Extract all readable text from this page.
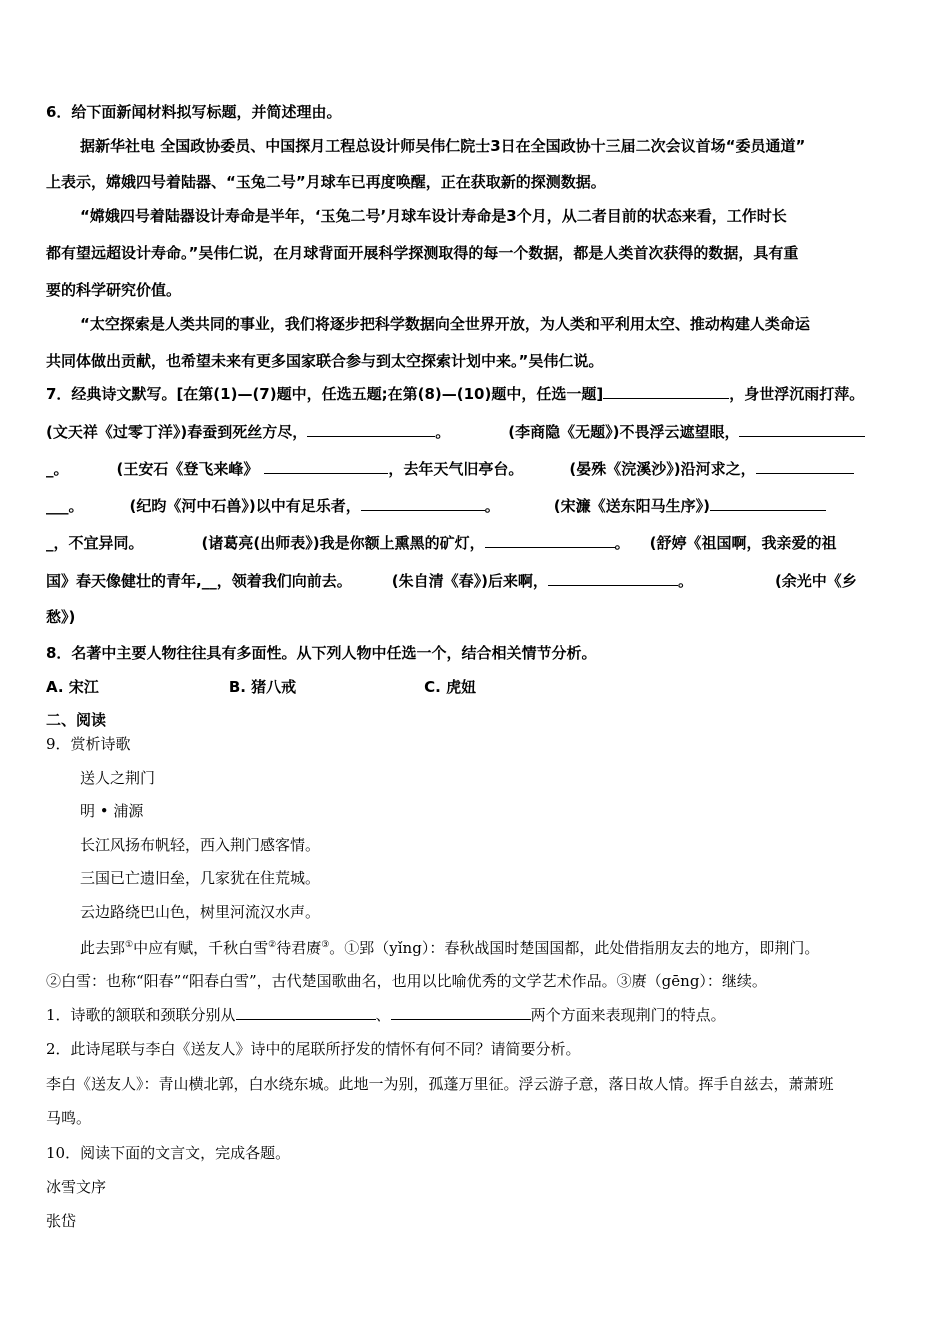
6．给下面新闻材料拟写标题，并简述理由。
据新华社电 全国政协委员、中国探月工程总设计师吴伟仁院士3日在全国政协十三届二次会议首场“委员通道”
上表示，嫦娥四号着陆器、“玉兔二号”月球车已再度唤醒，正在获取新的探测数据。
“嫦娥四号着陆器设计寿命是半年，‘玉兔二号’月球车设计寿命是3个月，从二者目前的状态来看，工作时长
都有望远超设计寿命。”吴伟仁说，在月球背面开展科学探测取得的每一个数据，都是人类首次获得的数据，具有重
要的科学研究价值。
“太空探索是人类共同的事业，我们将逐步把科学数据向全世界开放，为人类和平利用太空、推动构建人类命运
共同体做出贡献，也希望未来有更多国家联合参与到太空探索计划中来。”吴伟仁说。
7．经典诗文默写。[在第(1)—(7)题中，任选五题;在第(8)—(10)题中，任选一题]	，身世浮沉雨打萍。
(文天祥《过零丁洋》)春蚕到死丝方尽，	。	(李商隐《无题》)不畏浮云遮望眼，
_。	(王安石《登飞来峰》	，去年天气旧亭台。	(晏殊《浣溪沙》)沿河求之，
___。	(纪昀《河中石兽》)以中有足乐者，	。	(宋濂《送东阳马生序》)
_，不宜异同。	(诸葛亮(出师表》)我是你额上熏黑的矿灯，	。 (舒婷《祖国啊，我亲爱的祖
国》春天像健壮的青年,__，领着我们向前去。	(朱自清《春》)后来啊，	。	(余光中《乡
愁》)
8．名著中主要人物往往具有多面性。从下列人物中任选一个，结合相关情节分析。
A. 宋江	B. 猪八戒	C. 虎妞
二、阅读
9．赏析诗歌
送人之荆门
明 • 浦源
长江风扬布帆轻，西入荆门感客情。
三国已亡遗旧垒，几家犹在住荒城。
云边路绕巴山色，树里河流汉水声。
此去郢①中应有赋，千秋白雪②待君赓③。①郢（yǐng）：春秋战国时楚国国都，此处借指朋友去的地方，即荆门。
②白雪：也称“阳春”“阳春白雪”，古代楚国歌曲名，也用以比喻优秀的文学艺术作品。③赓（gēng）：继续。
1．诗歌的颔联和颈联分别从	、	两个方面来表现荆门的特点。
2．此诗尾联与李白《送友人》诗中的尾联所抒发的情怀有何不同？请简要分析。
李白《送友人》：青山横北郭，白水绕东城。此地一为别，孤蓬万里征。浮云游子意，落日故人情。挥手自兹去，萧萧班
马鸣。
10．阅读下面的文言文，完成各题。
冰雪文序
张岱
